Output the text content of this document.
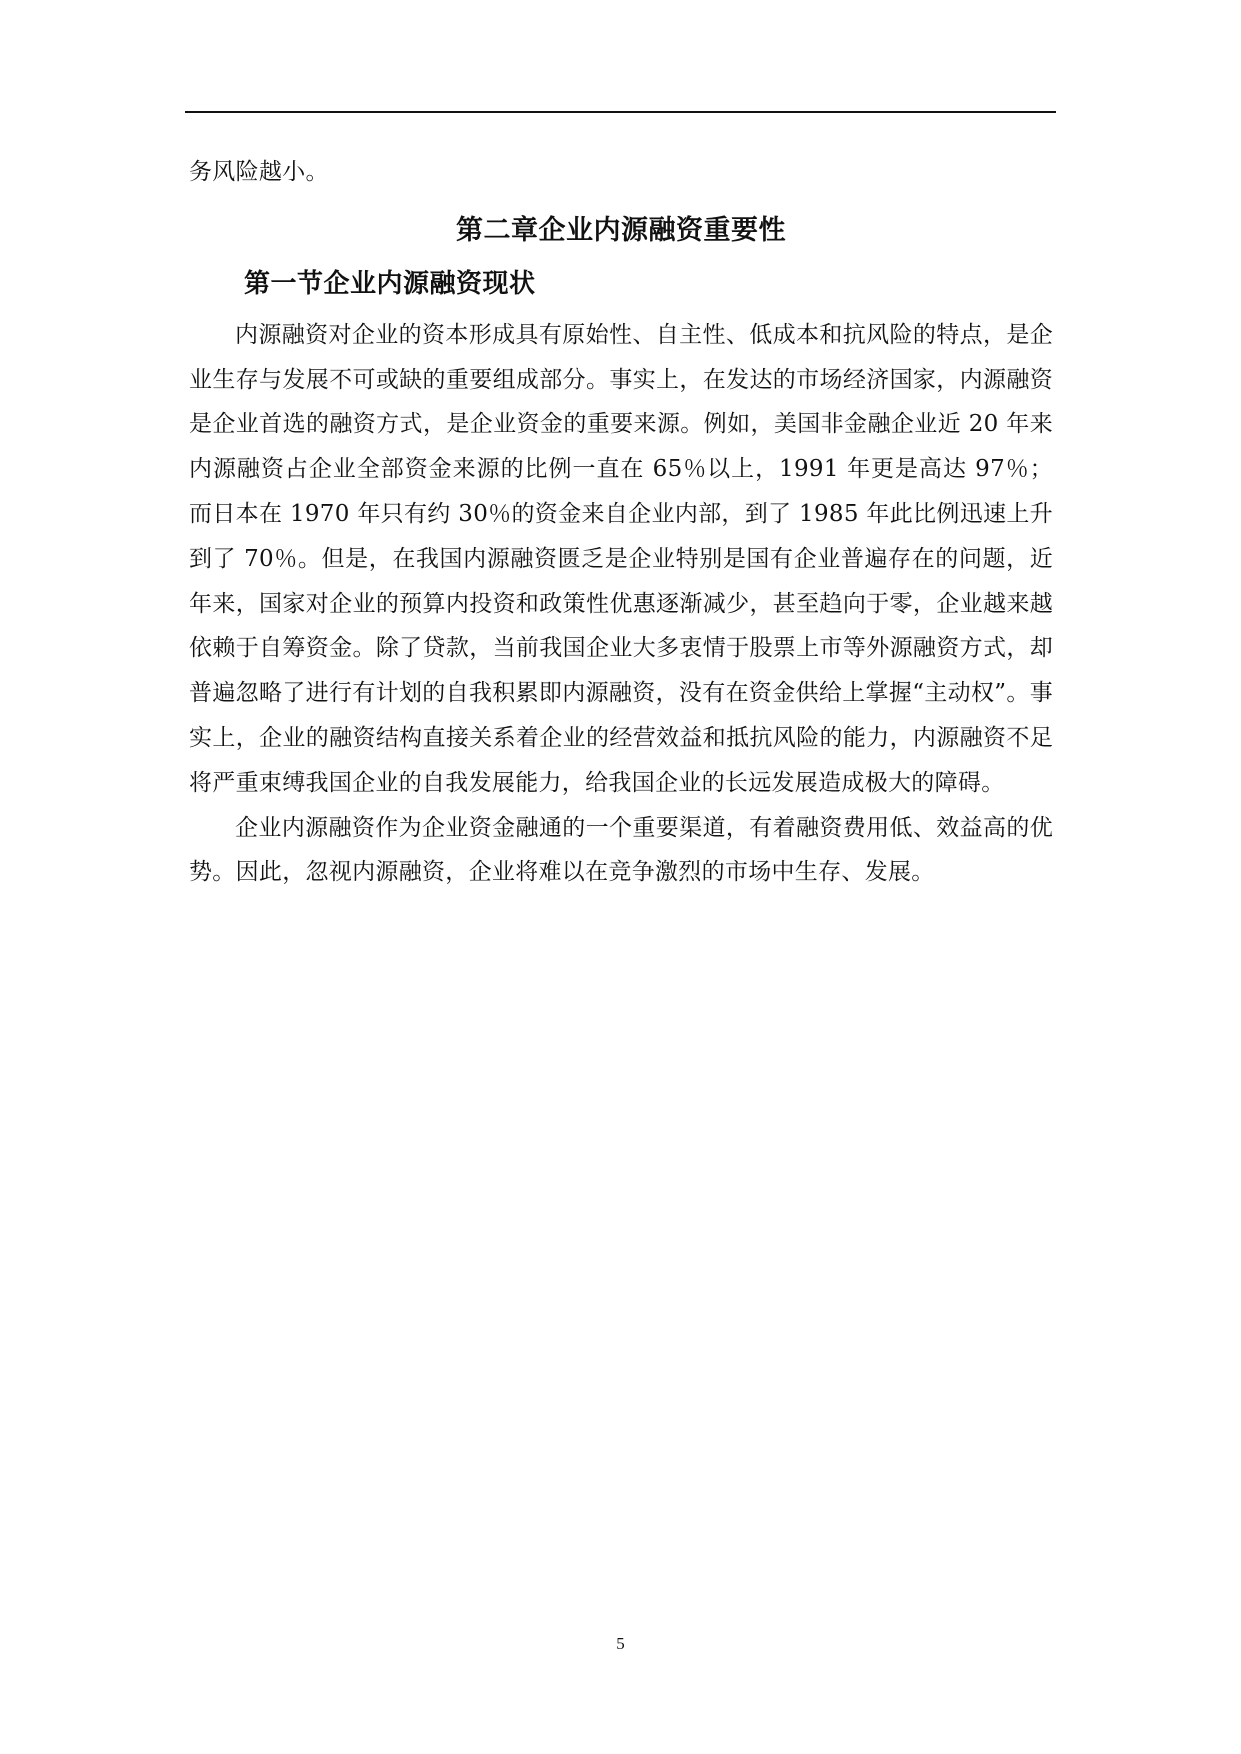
务风险越小。

第二章企业内源融资重要性
第一节企业内源融资现状

内源融资对企业的资本形成具有原始性、自主性、低成本和抗风险的特点，是企业生存与发展不可或缺的重要组成部分。事实上，在发达的市场经济国家，内源融资是企业首选的融资方式，是企业资金的重要来源。例如，美国非金融企业近 20 年来内源融资占企业全部资金来源的比例一直在 65％以上，1991 年更是高达 97％；而日本在 1970 年只有约 30％的资金来自企业内部，到了 1985 年此比例迅速上升到了 70％。但是，在我国内源融资匮乏是企业特别是国有企业普遍存在的问题，近年来，国家对企业的预算内投资和政策性优惠逐渐减少，甚至趋向于零，企业越来越依赖于自筹资金。除了贷款，当前我国企业大多衷情于股票上市等外源融资方式，却普遍忽略了进行有计划的自我积累即内源融资，没有在资金供给上掌握“主动权”。事实上，企业的融资结构直接关系着企业的经营效益和抵抗风险的能力，内源融资不足将严重束缚我国企业的自我发展能力，给我国企业的长远发展造成极大的障碍。

企业内源融资作为企业资金融通的一个重要渠道，有着融资费用低、效益高的优势。因此，忽视内源融资，企业将难以在竞争激烈的市场中生存、发展。

5
